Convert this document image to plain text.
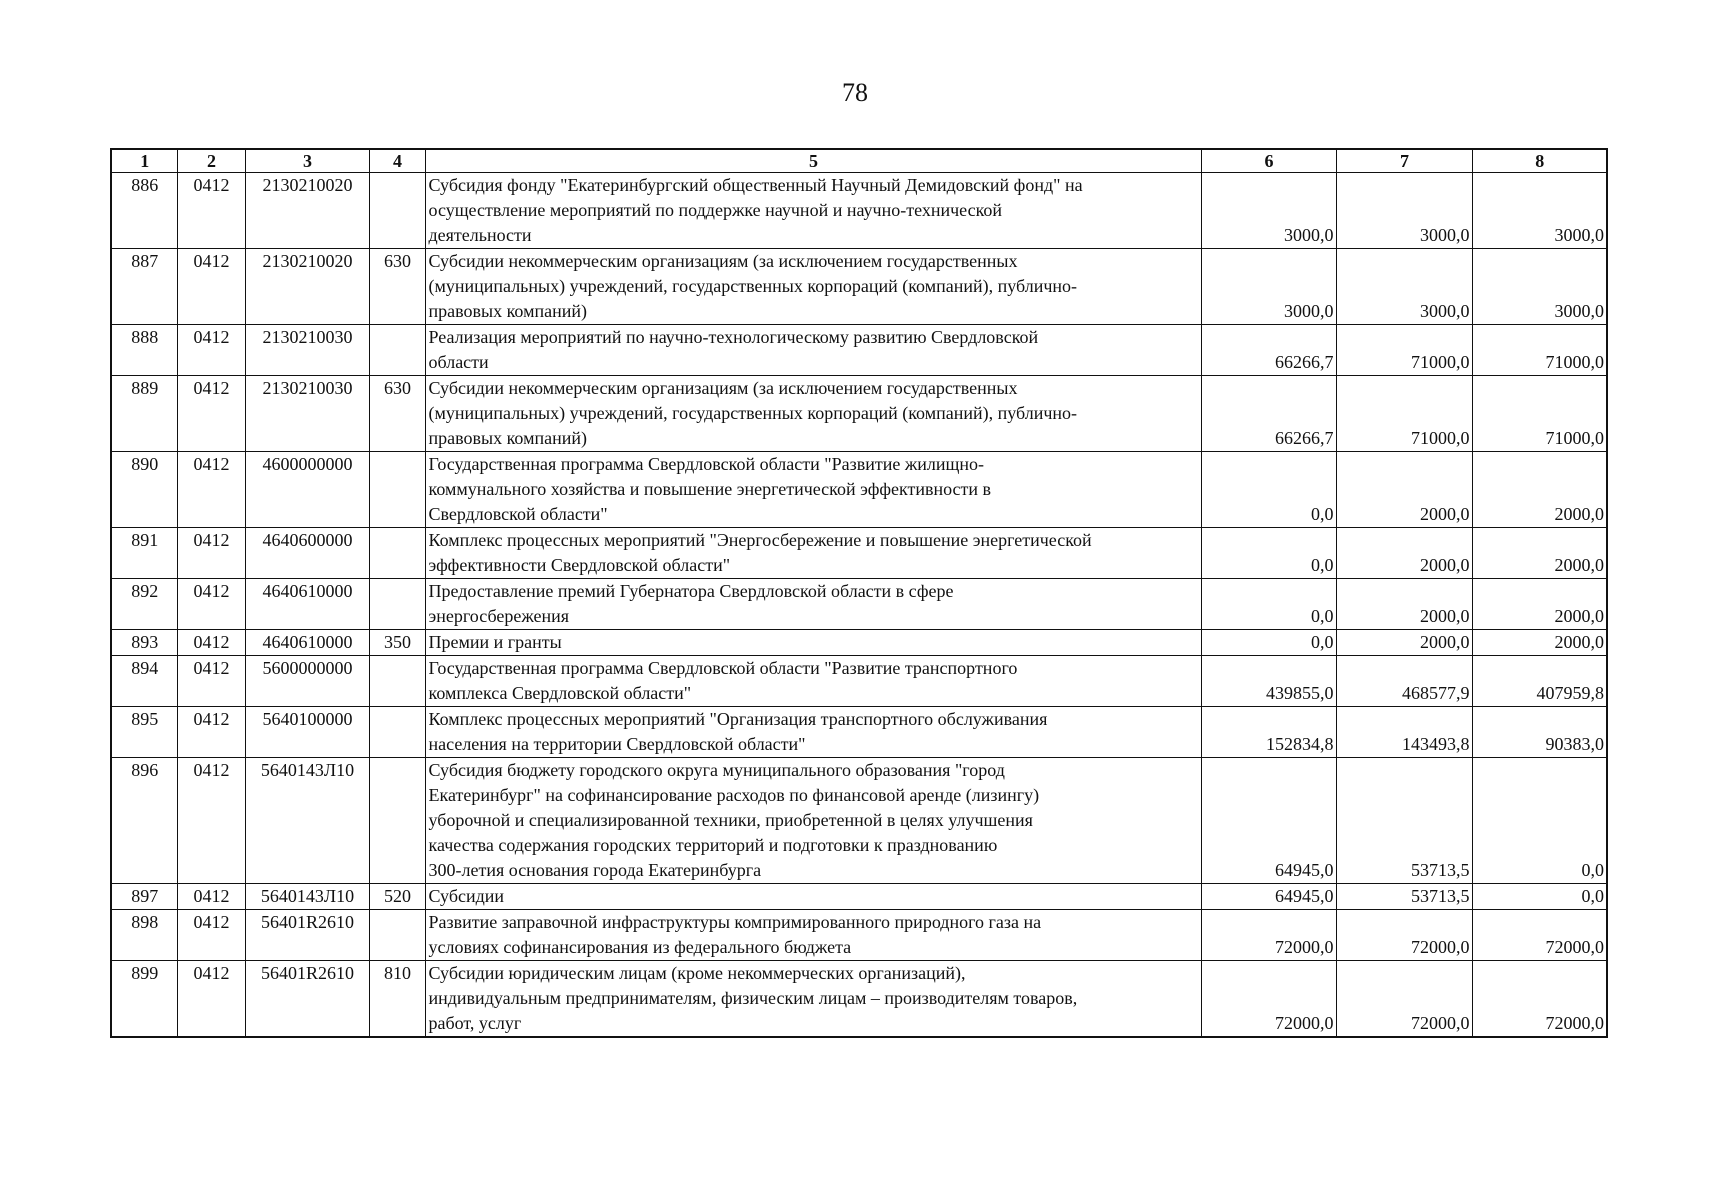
78
1	2	3	4	5	6	7	8
886	0412	2130210020		Субсидия фонду "Екатеринбургский общественный Научный Демидовский фонд" на
осуществление мероприятий по поддержке научной и научно-технической
деятельности	3000,0	3000,0	3000,0
887	0412	2130210020	630	Субсидии некоммерческим организациям (за исключением государственных
(муниципальных) учреждений, государственных корпораций (компаний), публично-
правовых компаний)	3000,0	3000,0	3000,0
888	0412	2130210030		Реализация мероприятий по научно-технологическому развитию Свердловской
области	66266,7	71000,0	71000,0
889	0412	2130210030	630	Субсидии некоммерческим организациям (за исключением государственных
(муниципальных) учреждений, государственных корпораций (компаний), публично-
правовых компаний)	66266,7	71000,0	71000,0
890	0412	4600000000		Государственная программа Свердловской области "Развитие жилищно-
коммунального хозяйства и повышение энергетической эффективности в
Свердловской области"	0,0	2000,0	2000,0
891	0412	4640600000		Комплекс процессных мероприятий "Энергосбережение и повышение энергетической
эффективности Свердловской области"	0,0	2000,0	2000,0
892	0412	4640610000		Предоставление премий Губернатора Свердловской области в сфере
энергосбережения	0,0	2000,0	2000,0
893	0412	4640610000	350	Премии и гранты	0,0	2000,0	2000,0
894	0412	5600000000		Государственная программа Свердловской области "Развитие транспортного
комплекса Свердловской области"	439855,0	468577,9	407959,8
895	0412	5640100000		Комплекс процессных мероприятий "Организация транспортного обслуживания
населения на территории Свердловской области"	152834,8	143493,8	90383,0
896	0412	5640143Л10		Субсидия бюджету городского округа муниципального образования "город
Екатеринбург" на софинансирование расходов по финансовой аренде (лизингу)
уборочной и специализированной техники, приобретенной в целях улучшения
качества содержания городских территорий и подготовки к празднованию
300-летия основания города Екатеринбурга	64945,0	53713,5	0,0
897	0412	5640143Л10	520	Субсидии	64945,0	53713,5	0,0
898	0412	56401R2610		Развитие заправочной инфраструктуры компримированного природного газа на
условиях софинансирования из федерального бюджета	72000,0	72000,0	72000,0
899	0412	56401R2610	810	Субсидии юридическим лицам (кроме некоммерческих организаций),
индивидуальным предпринимателям, физическим лицам – производителям товаров,
работ, услуг	72000,0	72000,0	72000,0
